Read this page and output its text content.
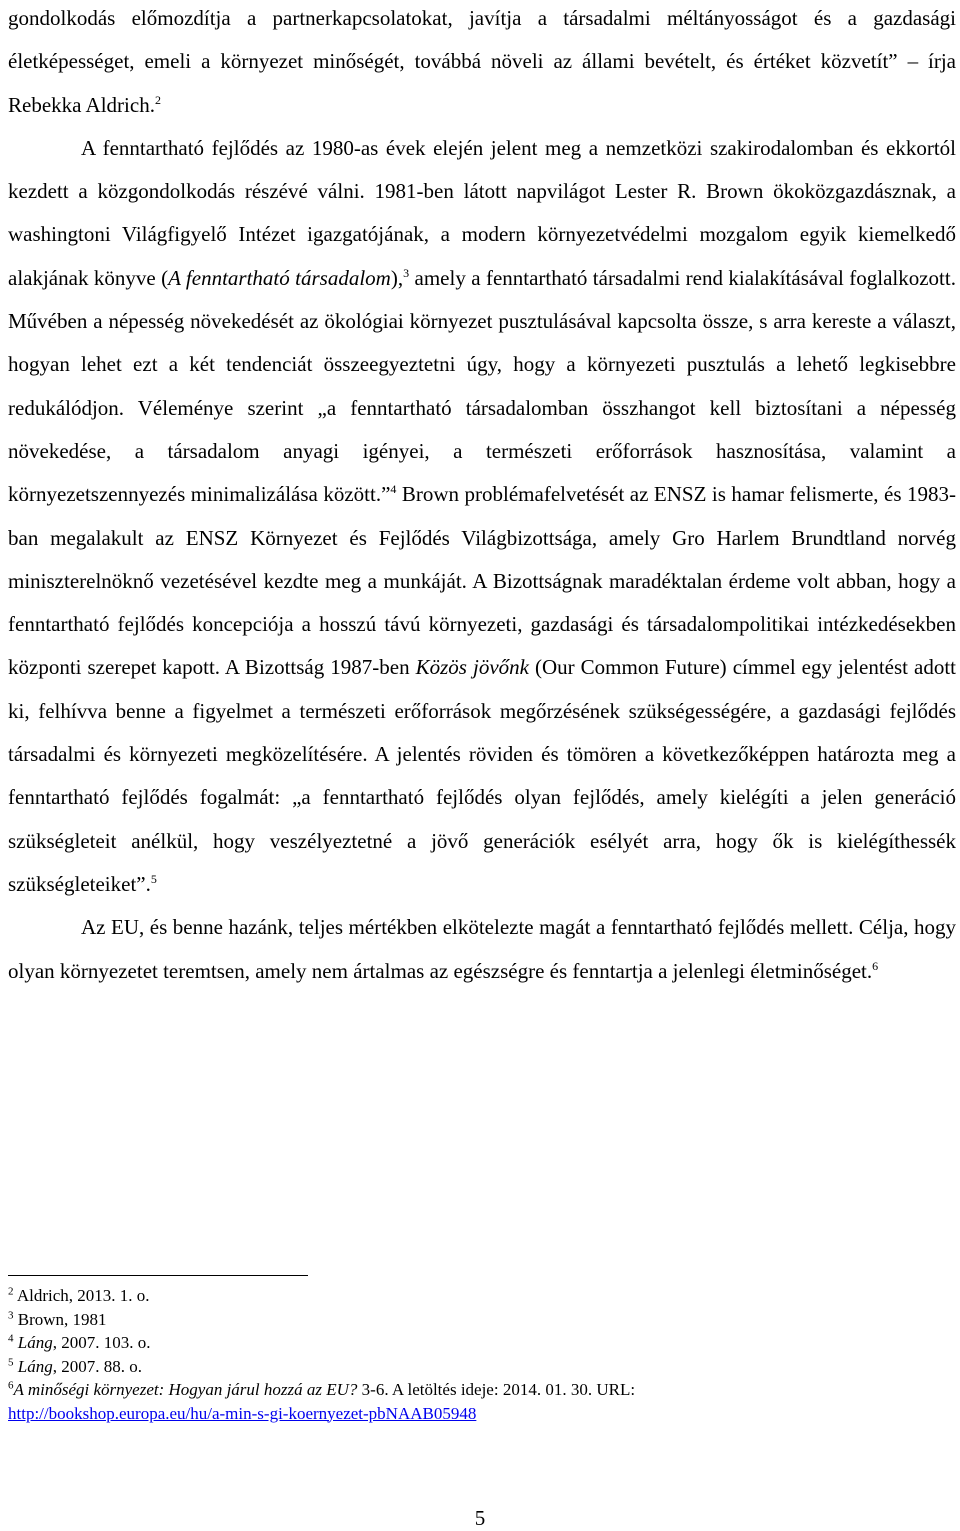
gondolkodás előmozdítja a partnerkapcsolatokat, javítja a társadalmi méltányosságot és a gazdasági életképességet, emeli a környezet minőségét, továbbá növeli az állami bevételt, és értéket közvetít” – írja Rebekka Aldrich.$^2$

A fenntartható fejlődés az 1980-as évek elején jelent meg a nemzetközi szakirodalomban és ekkortól kezdett a közgondolkodás részévé válni. 1981-ben látott napvilágot Lester R. Brown ökoközgazdásznak, a washingtoni Világfigyelő Intézet igazgatójának, a modern környezetvédelmi mozgalom egyik kiemelkedő alakjának könyve (A fenntartható társadalom),$^3$ amely a fenntartható társadalmi rend kialakításával foglalkozott. Művében a népesség növekedését az ökológiai környezet pusztulásával kapcsolta össze, s arra kereste a választ, hogyan lehet ezt a két tendenciát összeegyeztetni úgy, hogy a környezeti pusztulás a lehető legkisebbre redukálódjon. Véleménye szerint „a fenntartható társadalomban összhangot kell biztosítani a népesség növekedése, a társadalom anyagi igényei, a természeti erőforrások hasznosítása, valamint a környezetszennyezés minimalizálása között.”$^4$ Brown problémafelvetését az ENSZ is hamar felismerte, és 1983-ban megalakult az ENSZ Környezet és Fejlődés Világbizottsága, amely Gro Harlem Brundtland norvég miniszterelnöknő vezetésével kezdte meg a munkáját. A Bizottságnak maradéktalan érdeme volt abban, hogy a fenntartható fejlődés koncepciója a hosszú távú környezeti, gazdasági és társadalompolitikai intézkedésekben központi szerepet kapott. A Bizottság 1987-ben Közös jövőnk (Our Common Future) címmel egy jelentést adott ki, felhívva benne a figyelmet a természeti erőforrások megőrzésének szükségességére, a gazdasági fejlődés társadalmi és környezeti megközelítésére. A jelentés röviden és tömören a következőképpen határozta meg a fenntartható fejlődés fogalmát: „a fenntartható fejlődés olyan fejlődés, amely kielégíti a jelen generáció szükségleteit anélkül, hogy veszélyeztetné a jövő generációk esélyét arra, hogy ők is kielégíthessék szükségleteiket”.$^5$

Az EU, és benne hazánk, teljes mértékben elkötelezte magát a fenntartható fejlődés mellett. Célja, hogy olyan környezetet teremtsen, amely nem ártalmas az egészségre és fenntartja a jelenlegi életminőséget.$^6$

$^2$ Aldrich, 2013. 1. o.
$^3$ Brown, 1981
$^4$ Láng, 2007. 103. o.
$^5$ Láng, 2007. 88. o.
$^6$A minőségi környezet: Hogyan járul hozzá az EU? 3-6. A letöltés ideje: 2014. 01. 30. URL:
http://bookshop.europa.eu/hu/a-min-s-gi-koernyezet-pbNAAB05948
5
